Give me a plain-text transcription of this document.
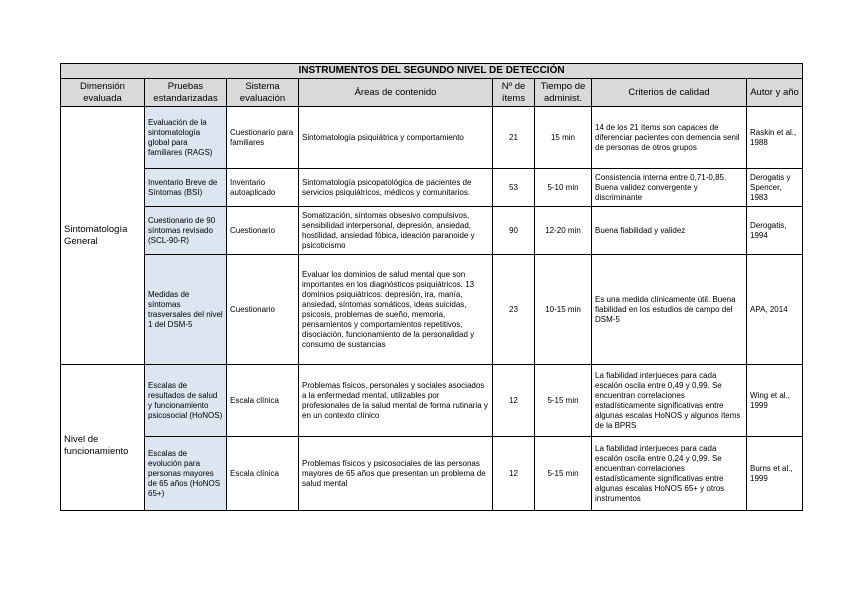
INSTRUMENTOS DEL SEGUNDO NIVEL DE DETECCIÓN							
Dimensión evaluada	Pruebas estandarizadas	Sistema evaluación	Áreas de contenido	Nº de ítems	Tiempo de administ.	Criterios de calidad	Autor y año
Sintomatología General	Evaluación de la sintomatología global para familiares (RAGS)	Cuestionario para familiares	Sintomatología psiquiátrica y comportamiento	21	15 min	14 de los 21 ítems son capaces de diferenciar pacientes con demencia senil de personas de otros grupos	Raskin et al., 1988
	Inventario Breve de Síntomas (BSI)	Inventario autoaplicado	Sintomatología psicopatológica de pacientes de servicios psiquiátricos, médicos y comunitarios.	53	5-10 min	Consistencia interna entre 0,71-0,85. Buena validez convergente y discriminante	Derogatis y Spencer, 1983
	Cuestionario de 90 síntomas revisado (SCL-90-R)	Cuestionario	Somatización, síntomas obsesivo compulsivos, sensibilidad interpersonal, depresión, ansiedad, hostilidad, ansiedad fóbica, ideación paranoide y psicoticismo	90	12-20 min	Buena fiabilidad y validez	Derogatis, 1994
	Medidas de síntomas trasversales del nivel 1 del DSM-5	Cuestionario	Evaluar los dominios de salud mental que son importantes en los diagnósticos psiquiátricos. 13 dominios psiquiátricos: depresión, ira, manía, ansiedad, síntomas somáticos, ideas suicidas, psicosis, problemas de sueño, memoria, pensamientos y comportamientos repetitivos, disociación, funcionamiento de la personalidad y consumo de sustancias	23	10-15 min	Es una medida clínicamente útil. Buena fiabilidad en los estudios de campo del DSM-5	APA, 2014
Nivel de funcionamiento	Escalas de resultados de salud y funcionamiento psicosocial (HoNOS)	Escala clínica	Problemas físicos, personales y sociales asociados a la enfermedad mental, utilizables por profesionales de la salud mental de forma rutinaria y en un contexto clínico	12	5-15 min	La fiabilidad interjueces para cada escalón oscila entre 0,49 y 0,99. Se encuentran correlaciones estadísticamente significativas entre algunas escalas HoNOS y algunos ítems de la BPRS	Wing et al., 1999
	Escalas de evolución para personas mayores de 65 años (HoNOS 65+)	Escala clínica	Problemas físicos y psicosociales de las personas mayores de 65 años que presentan un problema de salud mental	12	5-15 min	La fiabilidad interjueces para cada escalón oscila entre 0,24 y 0,99. Se encuentran correlaciones estadísticamente significativas entre algunas escalas HoNOS 65+ y otros instrumentos	Burns et al., 1999
